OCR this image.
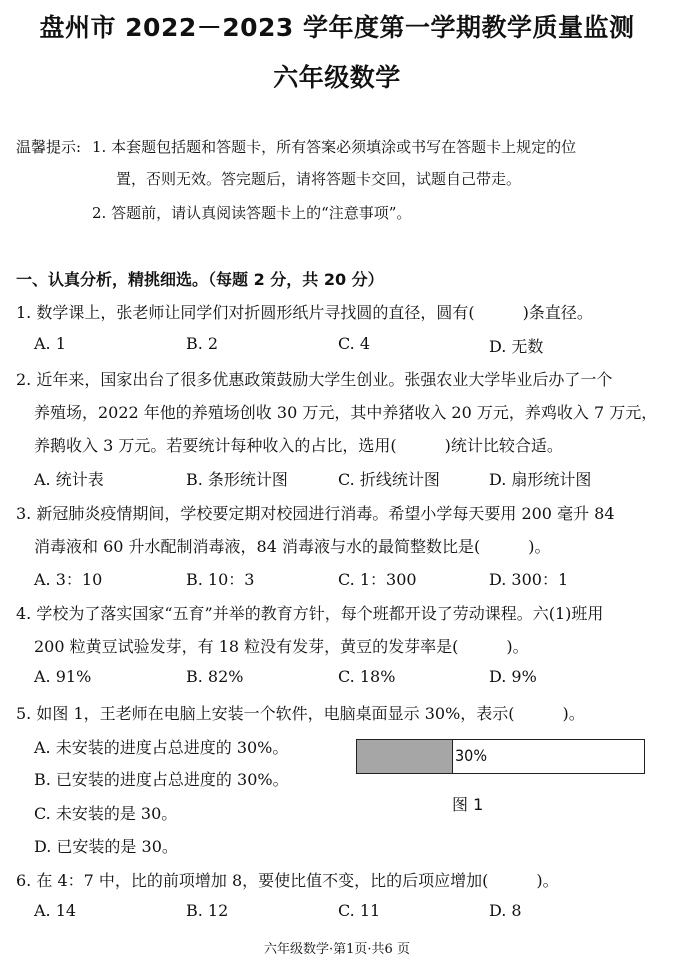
盘州市 2022－2023 学年度第一学期教学质量监测
六年级数学
温馨提示: 1. 本套题包括题和答题卡，所有答案必须填涂或书写在答题卡上规定的位
置，否则无效。答完题后，请将答题卡交回，试题自己带走。
2. 答题前，请认真阅读答题卡上的“注意事项”。
一、认真分析，精挑细选。（每题 2 分，共 20 分）
1. 数学课上，张老师让同学们对折圆形纸片寻找圆的直径，圆有(　　　)条直径。
A. 1	B. 2	C. 4	D. 无数
2. 近年来，国家出台了很多优惠政策鼓励大学生创业。张强农业大学毕业后办了一个
养殖场，2022 年他的养殖场创收 30 万元，其中养猪收入 20 万元，养鸡收入 7 万元，
养鹅收入 3 万元。若要统计每种收入的占比，选用(　　　)统计比较合适。
A. 统计表	B. 条形统计图	C. 折线统计图	D. 扇形统计图
3. 新冠肺炎疫情期间，学校要定期对校园进行消毒。希望小学每天要用 200 毫升 84
消毒液和 60 升水配制消毒液，84 消毒液与水的最简整数比是(　　　)。
A. 3：10	B. 10：3	C. 1：300	D. 300：1
4. 学校为了落实国家“五育”并举的教育方针，每个班都开设了劳动课程。六(1)班用
200 粒黄豆试验发芽，有 18 粒没有发芽，黄豆的发芽率是(　　　)。
A. 91%	B. 82%	C. 18%	D. 9%
5. 如图 1，王老师在电脑上安装一个软件，电脑桌面显示 30%，表示(　　　)。
A. 未安装的进度占总进度的 30%。
B. 已安装的进度占总进度的 30%。
C. 未安装的是 30。
D. 已安装的是 30。
30%
图 1
6. 在 4：7 中，比的前项增加 8，要使比值不变，比的后项应增加(　　　)。
A. 14	B. 12	C. 11	D. 8
六年级数学·第1页·共6 页
